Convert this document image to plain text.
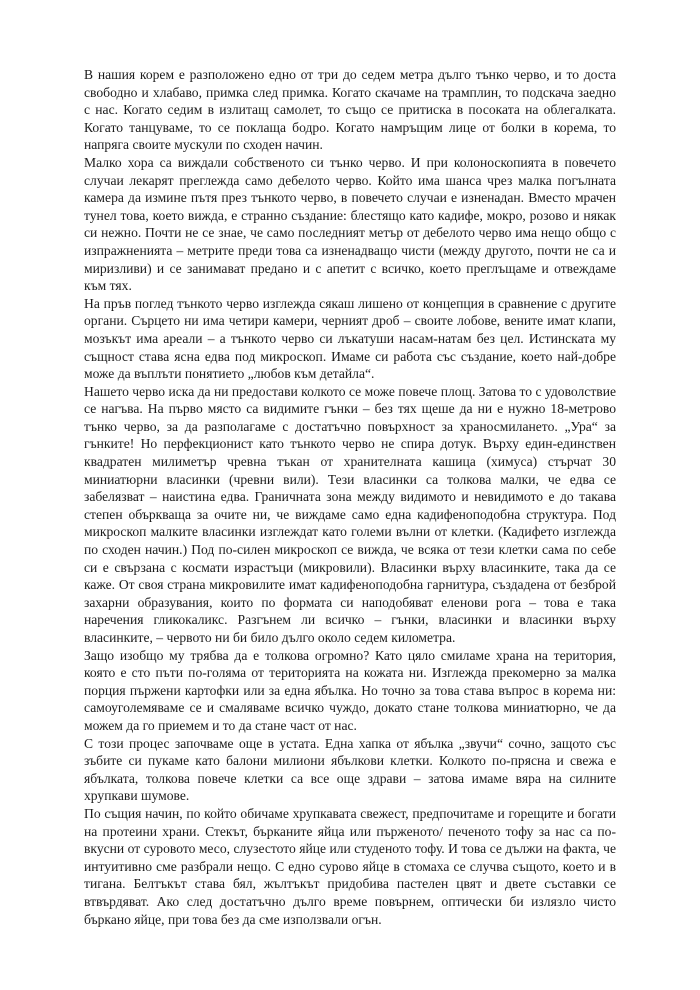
В нашия корем е разположено едно от три до седем метра дълго тънко черво, и то доста свободно и хлабаво, примка след примка. Когато скачаме на трамплин, то подскача заедно с нас. Когато седим в излитащ самолет, то също се притиска в посоката на облегалката. Когато танцуваме, то се поклаща бодро. Когато намръщим лице от болки в корема, то напряга своите мускули по сходен начин.

Малко хора са виждали собственото си тънко черво. И при колоноскопията в повечето случаи лекарят преглежда само дебелото черво. Който има шанса чрез малка погълната камера да измине пътя през тънкото черво, в повечето случаи е изненадан. Вместо мрачен тунел това, което вижда, е странно създание: блестящо като кадифе, мокро, розово и някак си нежно. Почти не се знае, че само последният метър от дебелото черво има нещо общо с изпражненията – метрите преди това са изненадващо чисти (между другото, почти не са и миризливи) и се занимават предано и с апетит с всичко, което преглъщаме и отвеждаме към тях.

На пръв поглед тънкото черво изглежда сякаш лишено от концепция в сравнение с другите органи. Сърцето ни има четири камери, черният дроб – своите лобове, вените имат клапи, мозъкът има ареали – а тънкото черво си лъкатуши насам-натам без цел. Истинската му същност става ясна едва под микроскоп. Имаме си работа със създание, което най-добре може да въплъти понятието „любов към детайла“.

Нашето черво иска да ни предостави колкото се може повече площ. Затова то с удоволствие се нагъва. На първо място са видимите гънки – без тях щеше да ни е нужно 18-метрово тънко черво, за да разполагаме с достатъчно повърхност за храносмилането. „Ура“ за гънките! Но перфекционист като тънкото черво не спира дотук. Върху един-единствен квадратен милиметър чревна тъкан от хранителната кашица (химуса) стърчат 30 миниатюрни власинки (чревни вили). Тези власинки са толкова малки, че едва се забелязват – наистина едва. Граничната зона между видимото и невидимото е до такава степен объркваща за очите ни, че виждаме само една кадифеноподобна структура. Под микроскоп малките власинки изглеждат като големи вълни от клетки. (Кадифето изглежда по сходен начин.) Под по-силен микроскоп се вижда, че всяка от тези клетки сама по себе си е свързана с космати израстъци (микровили). Власинки върху власинките, така да се каже. От своя страна микровилите имат кадифеноподобна гарнитура, създадена от безброй захарни образувания, които по формата си наподобяват еленови рога – това е така наречения гликокаликс. Разгънем ли всичко – гънки, власинки и власинки върху власинките, – червото ни би било дълго около седем километра.

Защо изобщо му трябва да е толкова огромно? Като цяло смиламе храна на територия, която е сто пъти по-голяма от територията на кожата ни. Изглежда прекомерно за малка порция пържени картофки или за една ябълка. Но точно за това става въпрос в корема ни: самоуголемяваме се и смаляваме всичко чуждо, докато стане толкова миниатюрно, че да можем да го приемем и то да стане част от нас.

С този процес започваме още в устата. Една хапка от ябълка „звучи“ сочно, защото със зъбите си пукаме като балони милиони ябълкови клетки. Колкото по-прясна и свежа е ябълката, толкова повече клетки са все още здрави – затова имаме вяра на силните хрупкави шумове.

По същия начин, по който обичаме хрупкавата свежест, предпочитаме и горещите и богати на протеини храни. Стекът, бърканите яйца или пърженото/ печеното тофу за нас са по-вкусни от суровото месо, слузестото яйце или студеното тофу. И това се дължи на факта, че интуитивно сме разбрали нещо. С едно сурово яйце в стомаха се случва същото, което и в тигана. Белтъкът става бял, жълтъкът придобива пастелен цвят и двете съставки се втвърдяват. Ако след достатъчно дълго време повърнем, оптически би излязло чисто бъркано яйце, при това без да сме използвали огън.
